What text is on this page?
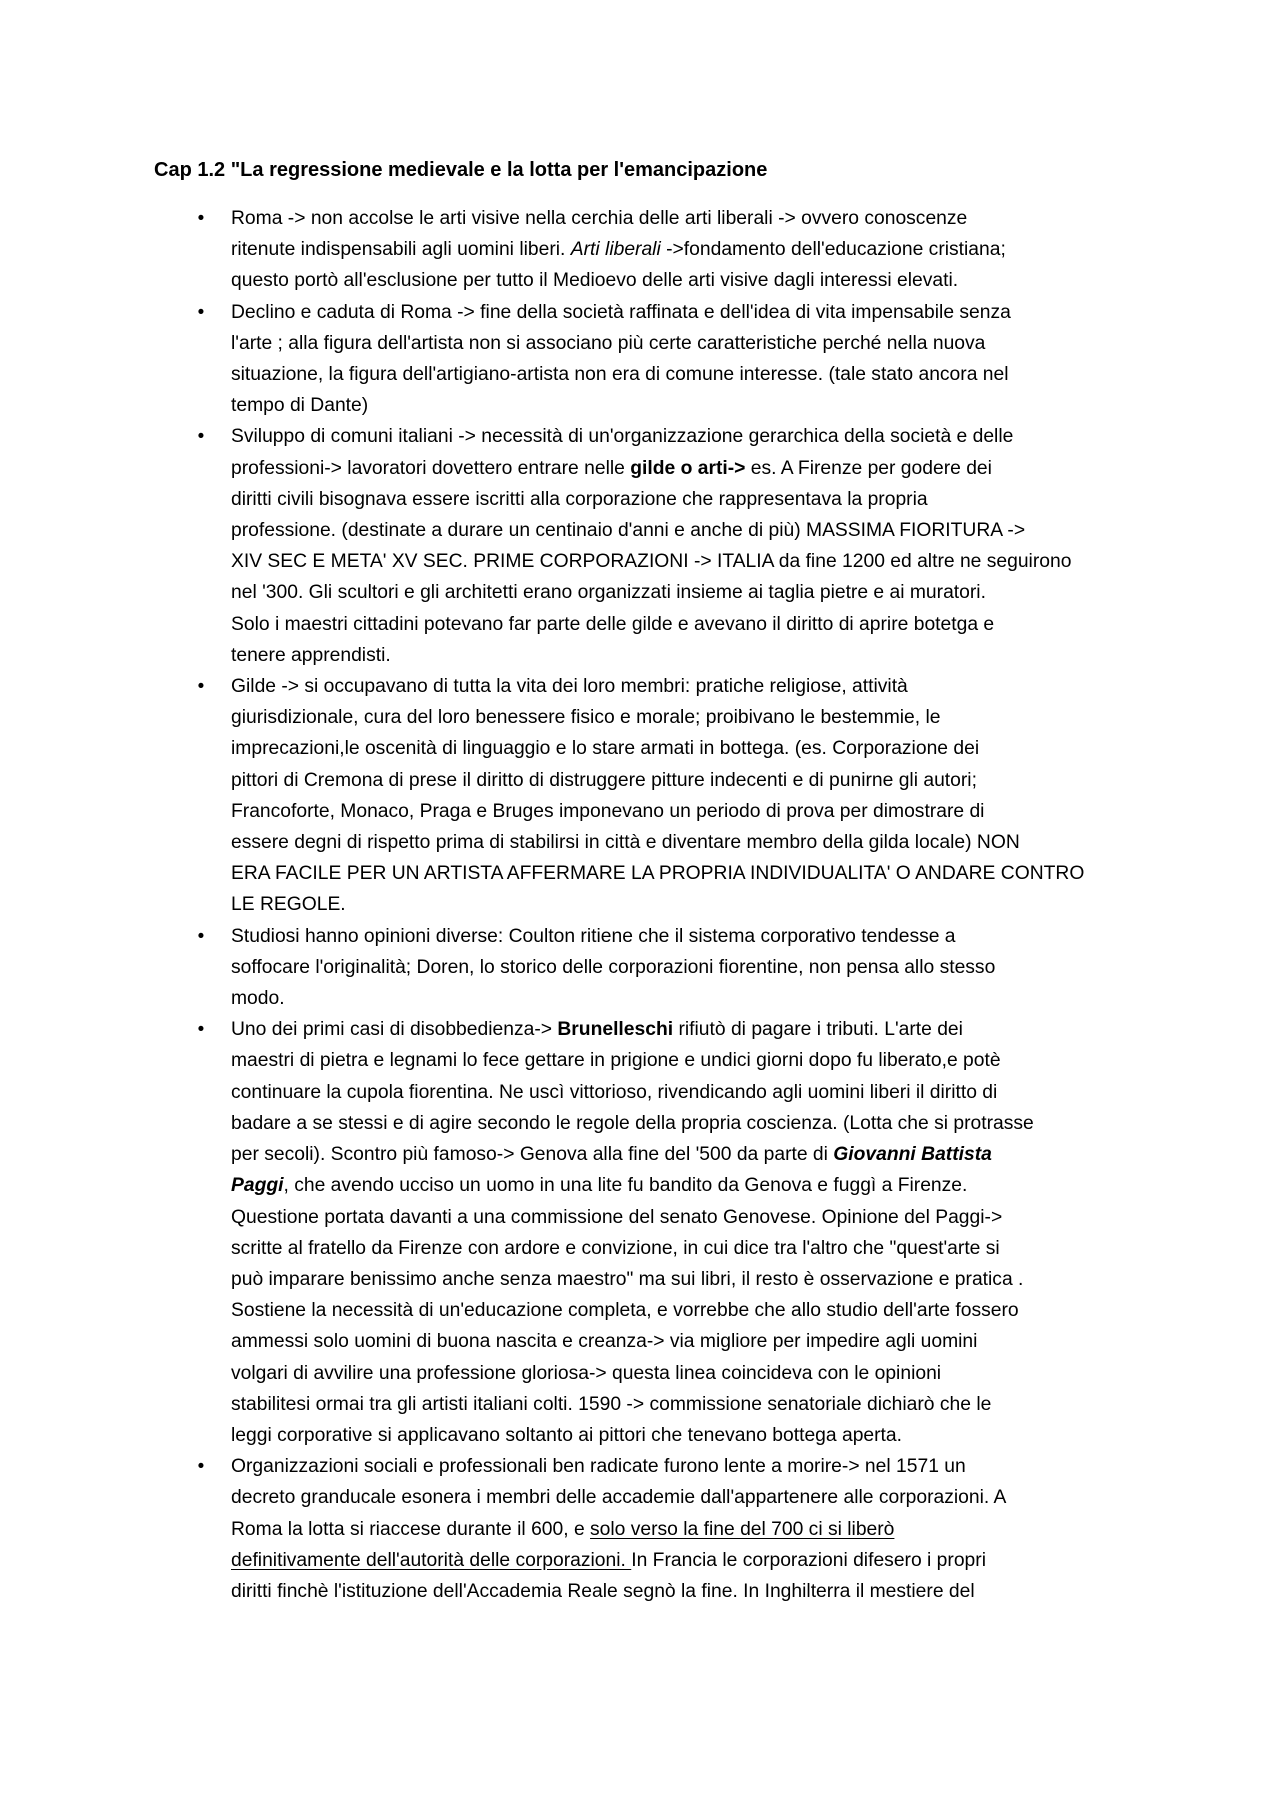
Cap 1.2 "La regressione medievale e la lotta per l'emancipazione
• Roma -> non accolse le arti visive nella cerchia delle arti liberali -> ovvero conoscenze
ritenute indispensabili agli uomini liberi. Arti liberali ->fondamento dell'educazione cristiana;
questo portò all'esclusione per tutto il Medioevo delle arti visive dagli interessi elevati.
• Declino e caduta di Roma -> fine della società raffinata e dell'idea di vita impensabile senza
l'arte ; alla figura dell'artista non si associano più certe caratteristiche perché nella nuova
situazione, la figura dell'artigiano-artista non era di comune interesse. (tale stato ancora nel
tempo di Dante)
• Sviluppo di comuni italiani -> necessità di un'organizzazione gerarchica della società e delle
professioni-> lavoratori dovettero entrare nelle gilde o arti-> es. A Firenze per godere dei
diritti civili bisognava essere iscritti alla corporazione che rappresentava la propria
professione. (destinate a durare un centinaio d'anni e anche di più) MASSIMA FIORITURA ->
XIV SEC E META' XV SEC. PRIME CORPORAZIONI -> ITALIA da fine 1200 ed altre ne seguirono
nel '300. Gli scultori e gli architetti erano organizzati insieme ai taglia pietre e ai muratori.
Solo i maestri cittadini potevano far parte delle gilde e avevano il diritto di aprire botetga e
tenere apprendisti.
• Gilde -> si occupavano di tutta la vita dei loro membri: pratiche religiose, attività
giurisdizionale, cura del loro benessere fisico e morale; proibivano le bestemmie, le
imprecazioni,le oscenità di linguaggio e lo stare armati in bottega. (es. Corporazione dei
pittori di Cremona di prese il diritto di distruggere pitture indecenti e di punirne gli autori;
Francoforte, Monaco, Praga e Bruges imponevano un periodo di prova per dimostrare di
essere degni di rispetto prima di stabilirsi in città e diventare membro della gilda locale) NON
ERA FACILE PER UN ARTISTA AFFERMARE LA PROPRIA INDIVIDUALITA' O ANDARE CONTRO
LE REGOLE.
• Studiosi hanno opinioni diverse: Coulton ritiene che il sistema corporativo tendesse a
soffocare l'originalità; Doren, lo storico delle corporazioni fiorentine, non pensa allo stesso
modo.
• Uno dei primi casi di disobbedienza-> Brunelleschi rifiutò di pagare i tributi. L'arte dei
maestri di pietra e legnami lo fece gettare in prigione e undici giorni dopo fu liberato,e potè
continuare la cupola fiorentina. Ne uscì vittorioso, rivendicando agli uomini liberi il diritto di
badare a se stessi e di agire secondo le regole della propria coscienza. (Lotta che si protrasse
per secoli). Scontro più famoso-> Genova alla fine del '500 da parte di Giovanni Battista
Paggi, che avendo ucciso un uomo in una lite fu bandito da Genova e fuggì a Firenze.
Questione portata davanti a una commissione del senato Genovese. Opinione del Paggi->
scritte al fratello da Firenze con ardore e convizione, in cui dice tra l'altro che "quest'arte si
può imparare benissimo anche senza maestro" ma sui libri, il resto è osservazione e pratica .
Sostiene la necessità di un'educazione completa, e vorrebbe che allo studio dell'arte fossero
ammessi solo uomini di buona nascita e creanza-> via migliore per impedire agli uomini
volgari di avvilire una professione gloriosa-> questa linea coincideva con le opinioni
stabilitesi ormai tra gli artisti italiani colti. 1590 -> commissione senatoriale dichiarò che le
leggi corporative si applicavano soltanto ai pittori che tenevano bottega aperta.
• Organizzazioni sociali e professionali ben radicate furono lente a morire-> nel 1571 un
decreto granducale esonera i membri delle accademie dall'appartenere alle corporazioni. A
Roma la lotta si riaccese durante il 600, e solo verso la fine del 700 ci si liberò
definitivamente dell'autorità delle corporazioni. In Francia le corporazioni difesero i propri
diritti finchè l'istituzione dell'Accademia Reale segnò la fine. In Inghilterra il mestiere del
